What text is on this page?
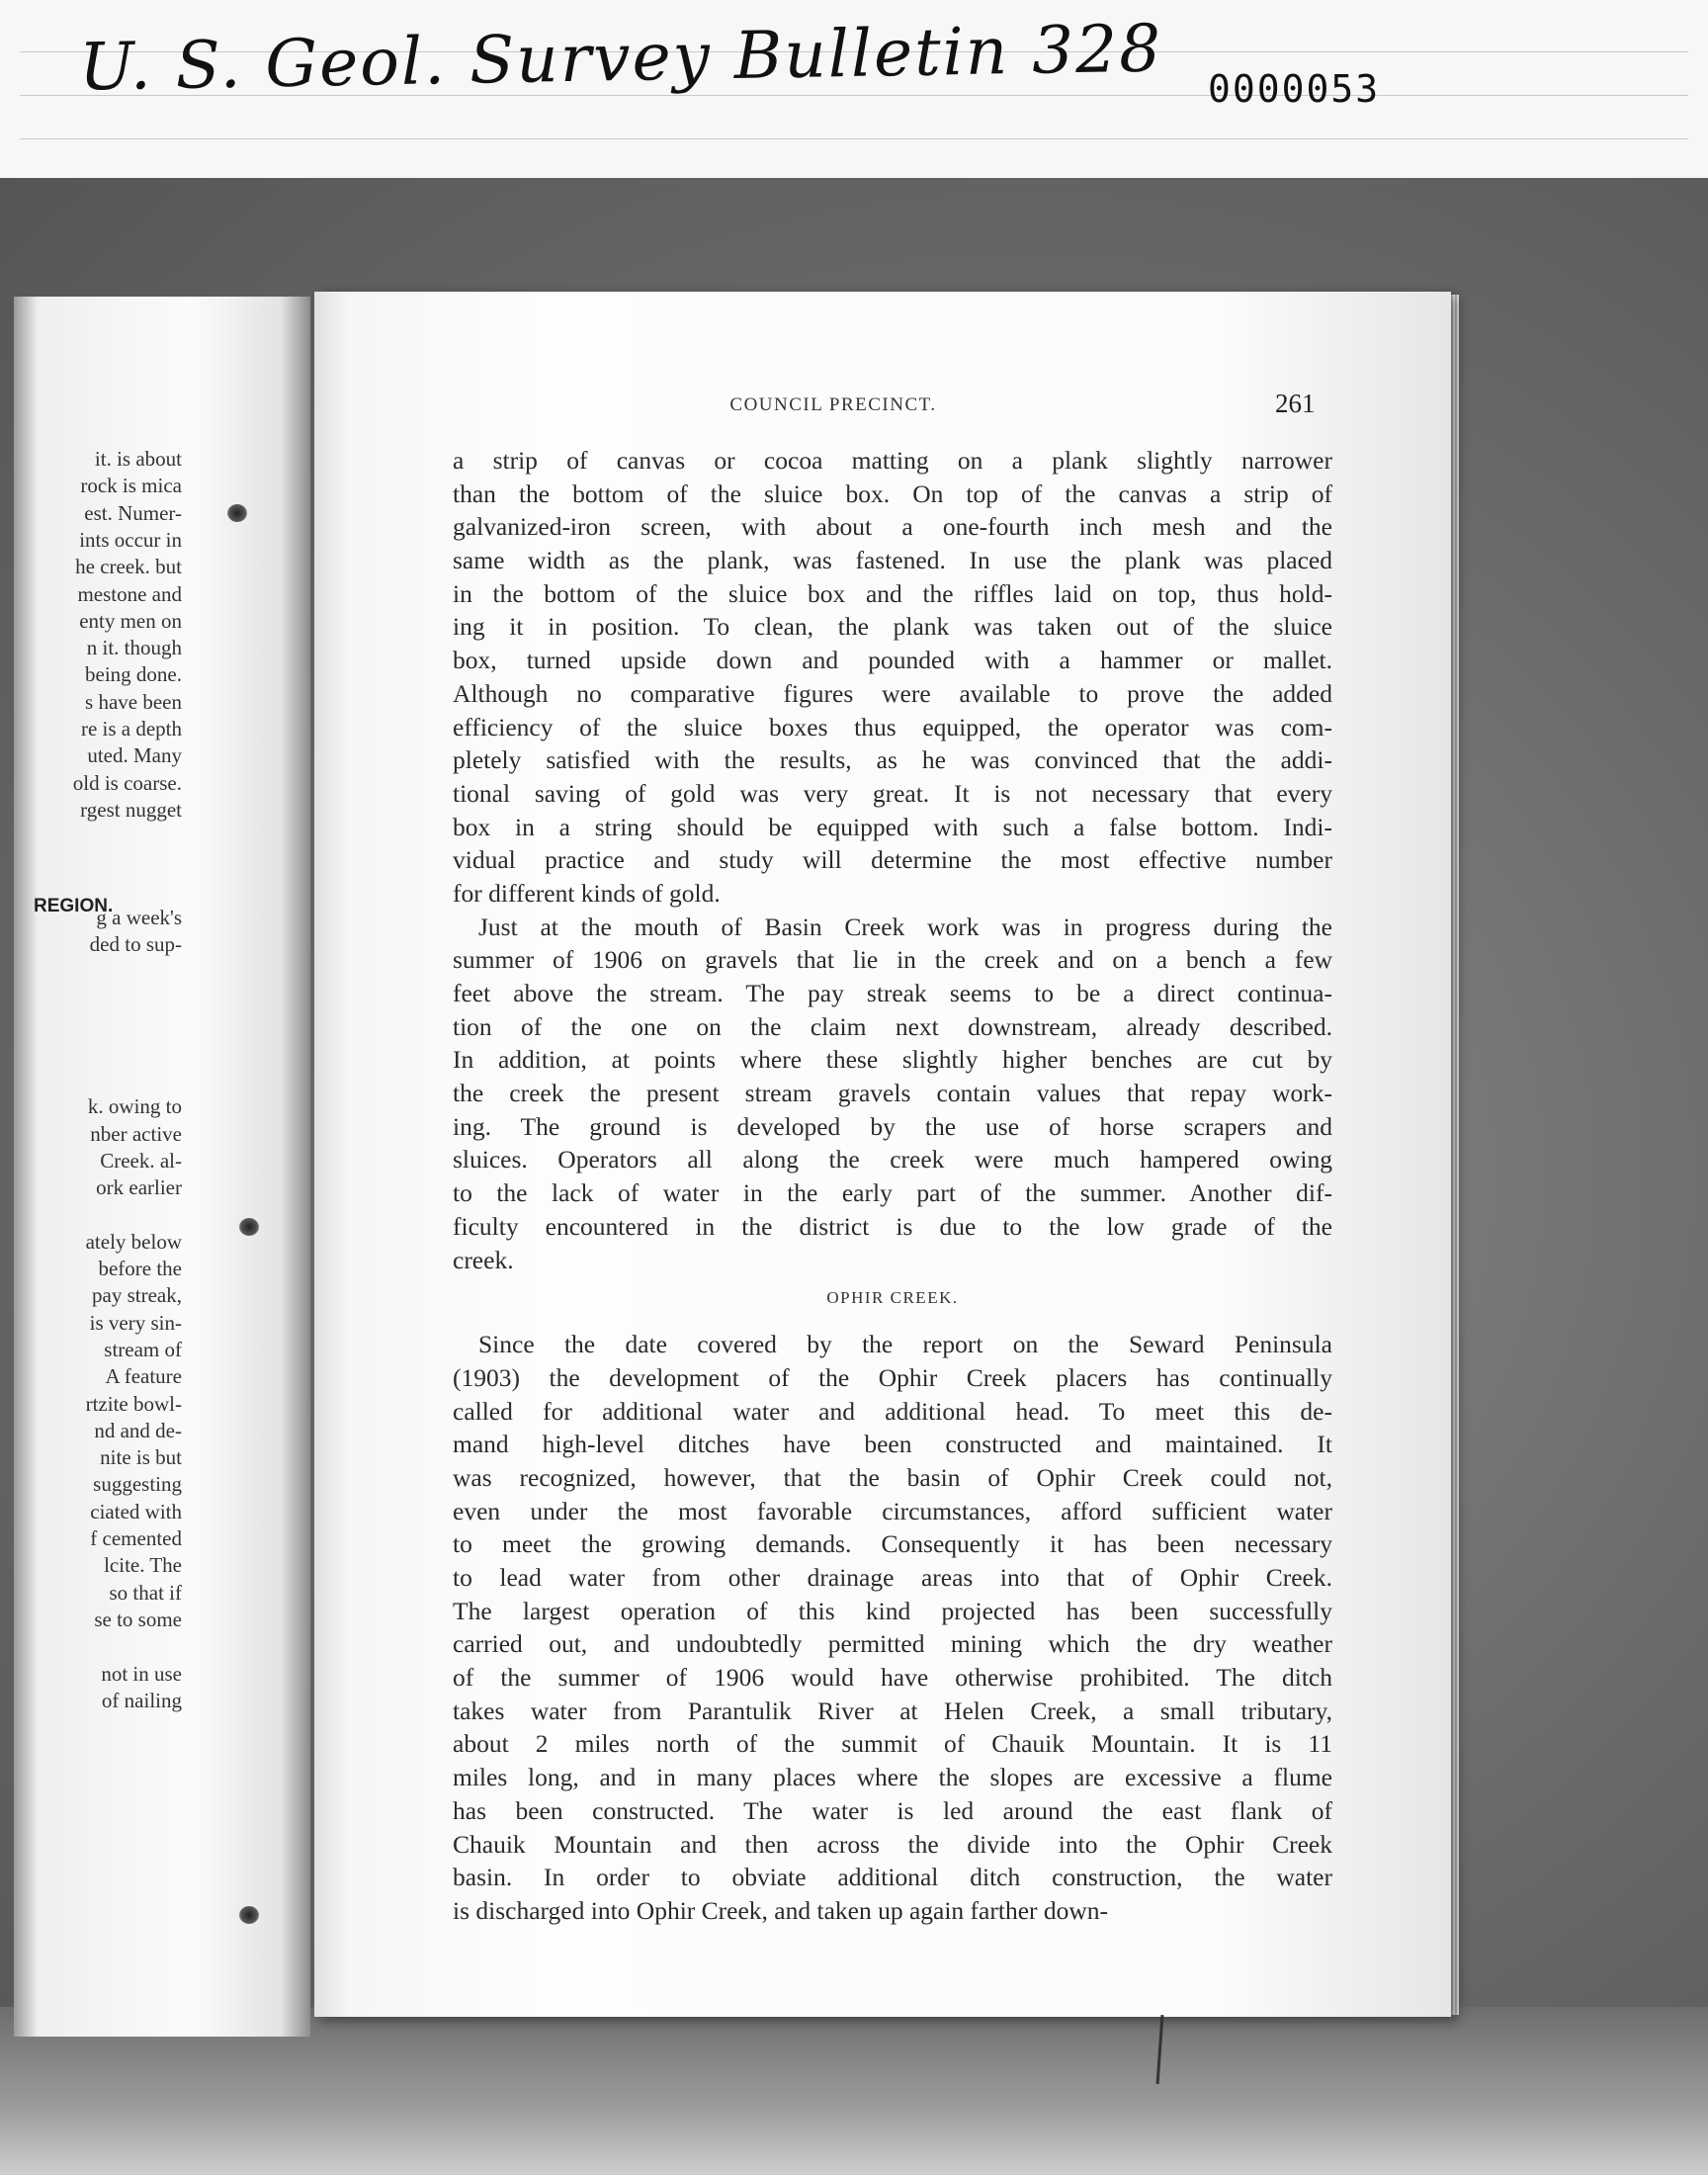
U. S. Geol. Survey Bulletin 328 0000053
it. is about
rock is mica
est. Numer-
ints occur in
he creek. but
mestone and
enty men on
n it. though
being done.
s have been
re is a depth
uted. Many
old is coarse.
rgest nugget
g a week's
ded to sup-
k. owing to
nber active
Creek. al-
ork earlier
ately below
before the
pay streak,
is very sin-
stream of
A feature
rtzite bowl-
nd and de-
nite is but
suggesting
ciated with
f cemented
lcite. The
so that if
se to some
not in use
of nailing
REGION.
COUNCIL PRECINCT.	261
a strip of canvas or cocoa matting on a plank slightly narrower
than the bottom of the sluice box. On top of the canvas a strip of
galvanized-iron screen, with about a one-fourth inch mesh and the
same width as the plank, was fastened. In use the plank was placed
in the bottom of the sluice box and the riffles laid on top, thus hold-
ing it in position. To clean, the plank was taken out of the sluice
box, turned upside down and pounded with a hammer or mallet.
Although no comparative figures were available to prove the added
efficiency of the sluice boxes thus equipped, the operator was com-
pletely satisfied with the results, as he was convinced that the addi-
tional saving of gold was very great. It is not necessary that every
box in a string should be equipped with such a false bottom. Indi-
vidual practice and study will determine the most effective number
for different kinds of gold.
Just at the mouth of Basin Creek work was in progress during the
summer of 1906 on gravels that lie in the creek and on a bench a few
feet above the stream. The pay streak seems to be a direct continua-
tion of the one on the claim next downstream, already described.
In addition, at points where these slightly higher benches are cut by
the creek the present stream gravels contain values that repay work-
ing. The ground is developed by the use of horse scrapers and
sluices. Operators all along the creek were much hampered owing
to the lack of water in the early part of the summer. Another dif-
ficulty encountered in the district is due to the low grade of the
creek.
OPHIR CREEK.
Since the date covered by the report on the Seward Peninsula
(1903) the development of the Ophir Creek placers has continually
called for additional water and additional head. To meet this de-
mand high-level ditches have been constructed and maintained. It
was recognized, however, that the basin of Ophir Creek could not,
even under the most favorable circumstances, afford sufficient water
to meet the growing demands. Consequently it has been necessary
to lead water from other drainage areas into that of Ophir Creek.
The largest operation of this kind projected has been successfully
carried out, and undoubtedly permitted mining which the dry weather
of the summer of 1906 would have otherwise prohibited. The ditch
takes water from Parantulik River at Helen Creek, a small tributary,
about 2 miles north of the summit of Chauik Mountain. It is 11
miles long, and in many places where the slopes are excessive a flume
has been constructed. The water is led around the east flank of
Chauik Mountain and then across the divide into the Ophir Creek
basin. In order to obviate additional ditch construction, the water
is discharged into Ophir Creek, and taken up again farther down-
